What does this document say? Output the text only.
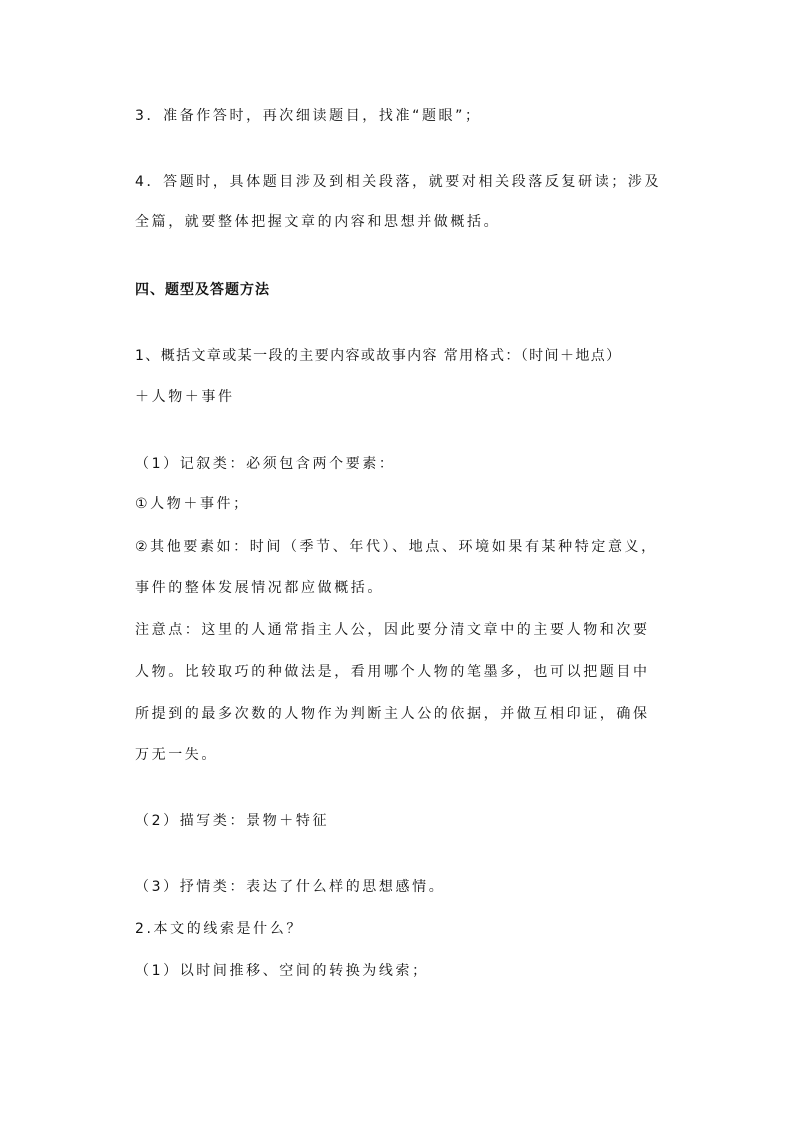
3．准备作答时，再次细读题目，找准“题眼”；
4．答题时，具体题目涉及到相关段落，就要对相关段落反复研读；涉及
全篇，就要整体把握文章的内容和思想并做概括。
四、题型及答题方法
1、概括文章或某一段的主要内容或故事内容 常用格式：（时间＋地点）
＋人物＋事件
（1）记叙类：必须包含两个要素：
①人物＋事件；
②其他要素如：时间（季节、年代）、地点、环境如果有某种特定意义，
事件的整体发展情况都应做概括。
注意点：这里的人通常指主人公，因此要分清文章中的主要人物和次要
人物。比较取巧的种做法是，看用哪个人物的笔墨多，也可以把题目中
所提到的最多次数的人物作为判断主人公的依据，并做互相印证，确保
万无一失。
（2）描写类：景物＋特征
（3）抒情类：表达了什么样的思想感情。
2.本文的线索是什么？
（1）以时间推移、空间的转换为线索；
